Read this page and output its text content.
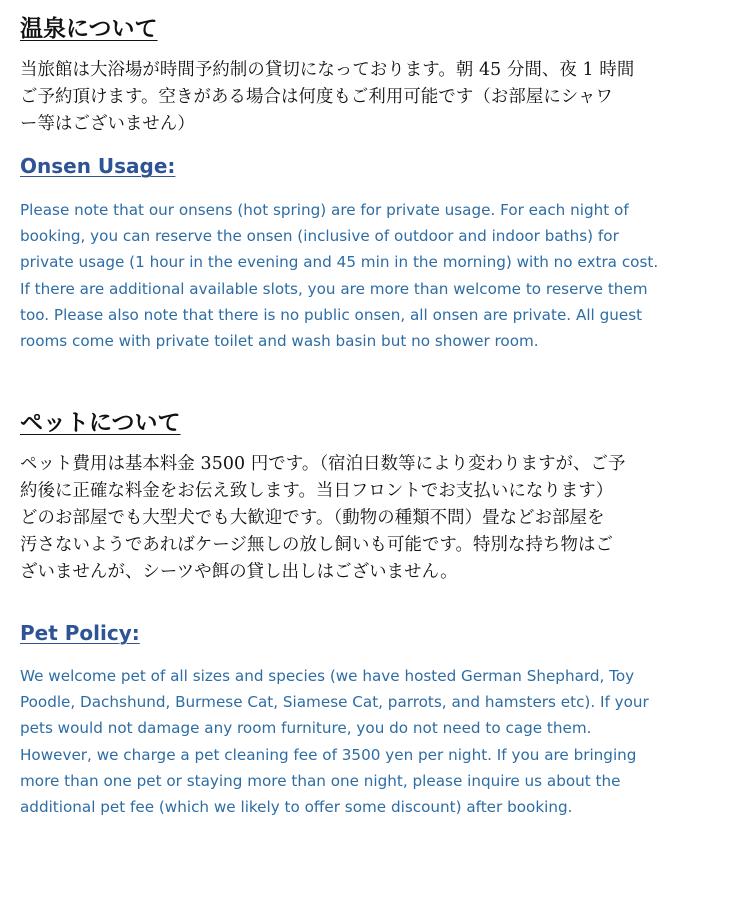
温泉について
当旅館は大浴場が時間予約制の貸切になっております。朝 45 分間、夜 1 時間
ご予約頂けます。空きがある場合は何度もご利用可能です（お部屋にシャワ
ー等はございません）
Onsen Usage:
Please note that our onsens (hot spring) are for private usage. For each night of
booking, you can reserve the onsen (inclusive of outdoor and indoor baths) for
private usage (1 hour in the evening and 45 min in the morning) with no extra cost.
If there are additional available slots, you are more than welcome to reserve them
too. Please also note that there is no public onsen, all onsen are private. All guest
rooms come with private toilet and wash basin but no shower room.
ペットについて
ペット費用は基本料金 3500 円です。（宿泊日数等により変わりますが、ご予
約後に正確な料金をお伝え致します。当日フロントでお支払いになります）
どのお部屋でも大型犬でも大歓迎です。（動物の種類不問）畳などお部屋を
汚さないようであればケージ無しの放し飼いも可能です。特別な持ち物はご
ざいませんが、シーツや餌の貸し出しはございません。
Pet Policy:
We welcome pet of all sizes and species (we have hosted German Shephard, Toy
Poodle, Dachshund, Burmese Cat, Siamese Cat, parrots, and hamsters etc). If your
pets would not damage any room furniture, you do not need to cage them.
However, we charge a pet cleaning fee of 3500 yen per night. If you are bringing
more than one pet or staying more than one night, please inquire us about the
additional pet fee (which we likely to offer some discount) after booking.
